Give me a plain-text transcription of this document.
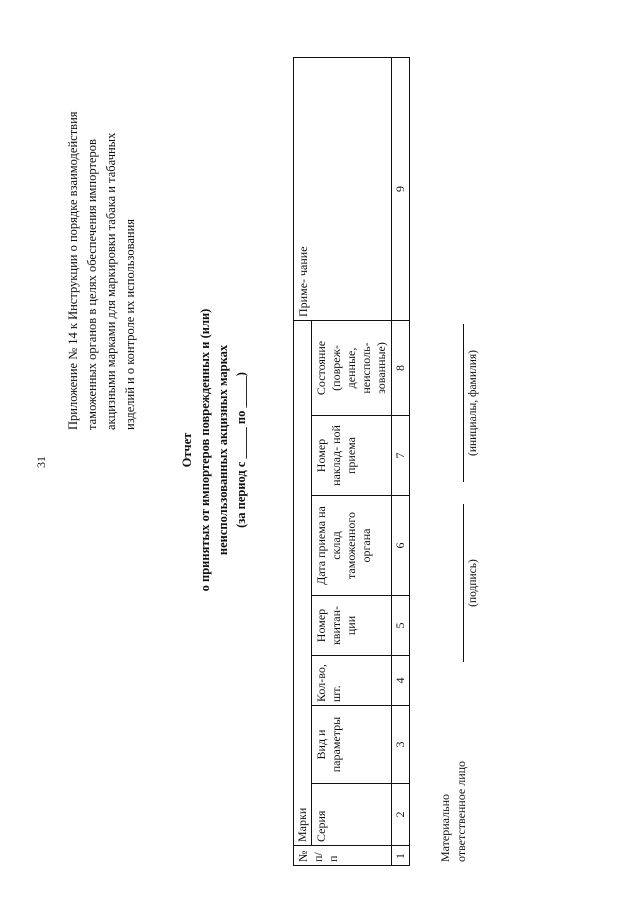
31
Приложение № 14 к Инструкции о порядке взаимодействия таможенных органов в целях обеспечения импортеров акцизными марками для маркировки табака и табачных изделий и о контроле их использования
Отчет о принятых от импортеров поврежденных и (или) неиспользованных акцизных марках (за период с _____ по _____)
№ п/п	Марки							Приме- чание
	Серия	Вид и параметры	Кол-во, шт.	Номер квитан- ции	Дата приема на склад таможенного органа	Номер наклад- ной приема	Состояние (повреж- денные, неисполь- зованные)	
1	2	3	4	5	6	7	8	9
Материально ответственное лицо
(подпись)
(инициалы, фамилия)
